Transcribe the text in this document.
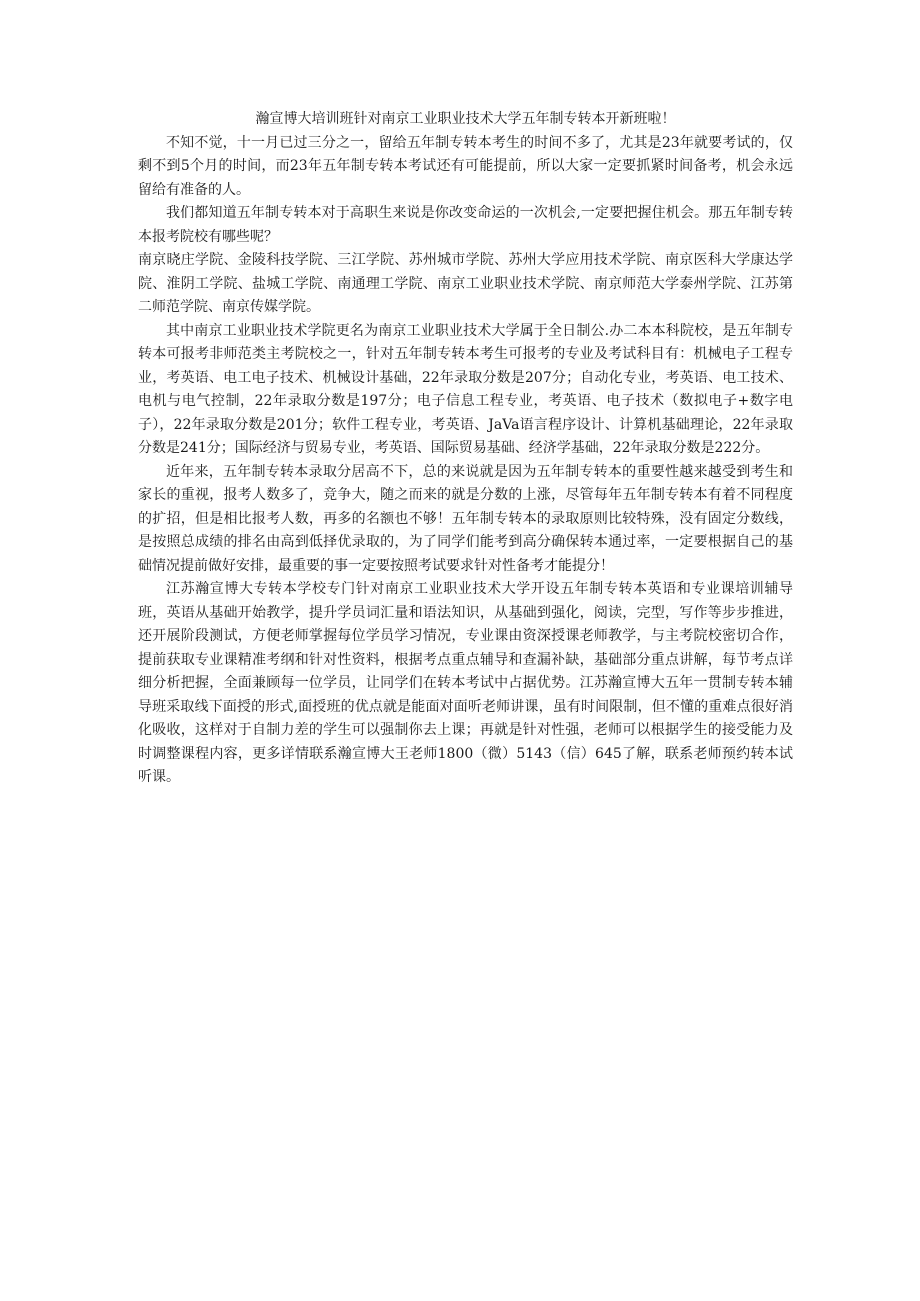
瀚宣博大培训班针对南京工业职业技术大学五年制专转本开新班啦！

不知不觉，十一月已过三分之一，留给五年制专转本考生的时间不多了，尤其是23年就要考试的，仅剩不到5个月的时间，而23年五年制专转本考试还有可能提前，所以大家一定要抓紧时间备考，机会永远留给有准备的人。

我们都知道五年制专转本对于高职生来说是你改变命运的一次机会,一定要把握住机会。那五年制专转本报考院校有哪些呢？

南京晓庄学院、金陵科技学院、三江学院、苏州城市学院、苏州大学应用技术学院、南京医科大学康达学院、淮阴工学院、盐城工学院、南通理工学院、南京工业职业技术学院、南京师范大学泰州学院、江苏第二师范学院、南京传媒学院。

其中南京工业职业技术学院更名为南京工业职业技术大学属于全日制公.办二本本科院校，是五年制专转本可报考非师范类主考院校之一，针对五年制专转本考生可报考的专业及考试科目有：机械电子工程专业，考英语、电工电子技术、机械设计基础，22年录取分数是207分；自动化专业，考英语、电工技术、电机与电气控制，22年录取分数是197分；电子信息工程专业，考英语、电子技术（数拟电子+数字电子），22年录取分数是201分；软件工程专业，考英语、JaVa语言程序设计、计算机基础理论，22年录取分数是241分；国际经济与贸易专业，考英语、国际贸易基础、经济学基础，22年录取分数是222分。

近年来，五年制专转本录取分居高不下，总的来说就是因为五年制专转本的重要性越来越受到考生和家长的重视，报考人数多了，竞争大，随之而来的就是分数的上涨，尽管每年五年制专转本有着不同程度的扩招，但是相比报考人数，再多的名额也不够！五年制专转本的录取原则比较特殊，没有固定分数线，是按照总成绩的排名由高到低择优录取的，为了同学们能考到高分确保转本通过率，一定要根据自己的基础情况提前做好安排，最重要的事一定要按照考试要求针对性备考才能提分！

江苏瀚宣博大专转本学校专门针对南京工业职业技术大学开设五年制专转本英语和专业课培训辅导班，英语从基础开始教学，提升学员词汇量和语法知识，从基础到强化，阅读，完型，写作等步步推进，还开展阶段测试，方便老师掌握每位学员学习情况，专业课由资深授课老师教学，与主考院校密切合作，提前获取专业课精准考纲和针对性资料，根据考点重点辅导和查漏补缺，基础部分重点讲解，每节考点详细分析把握，全面兼顾每一位学员，让同学们在转本考试中占据优势。江苏瀚宣博大五年一贯制专转本辅导班采取线下面授的形式,面授班的优点就是能面对面听老师讲课，虽有时间限制，但不懂的重难点很好消化吸收，这样对于自制力差的学生可以强制你去上课；再就是针对性强，老师可以根据学生的接受能力及时调整课程内容，更多详情联系瀚宣博大王老师1800（微）5143（信）645了解，联系老师预约转本试听课。
